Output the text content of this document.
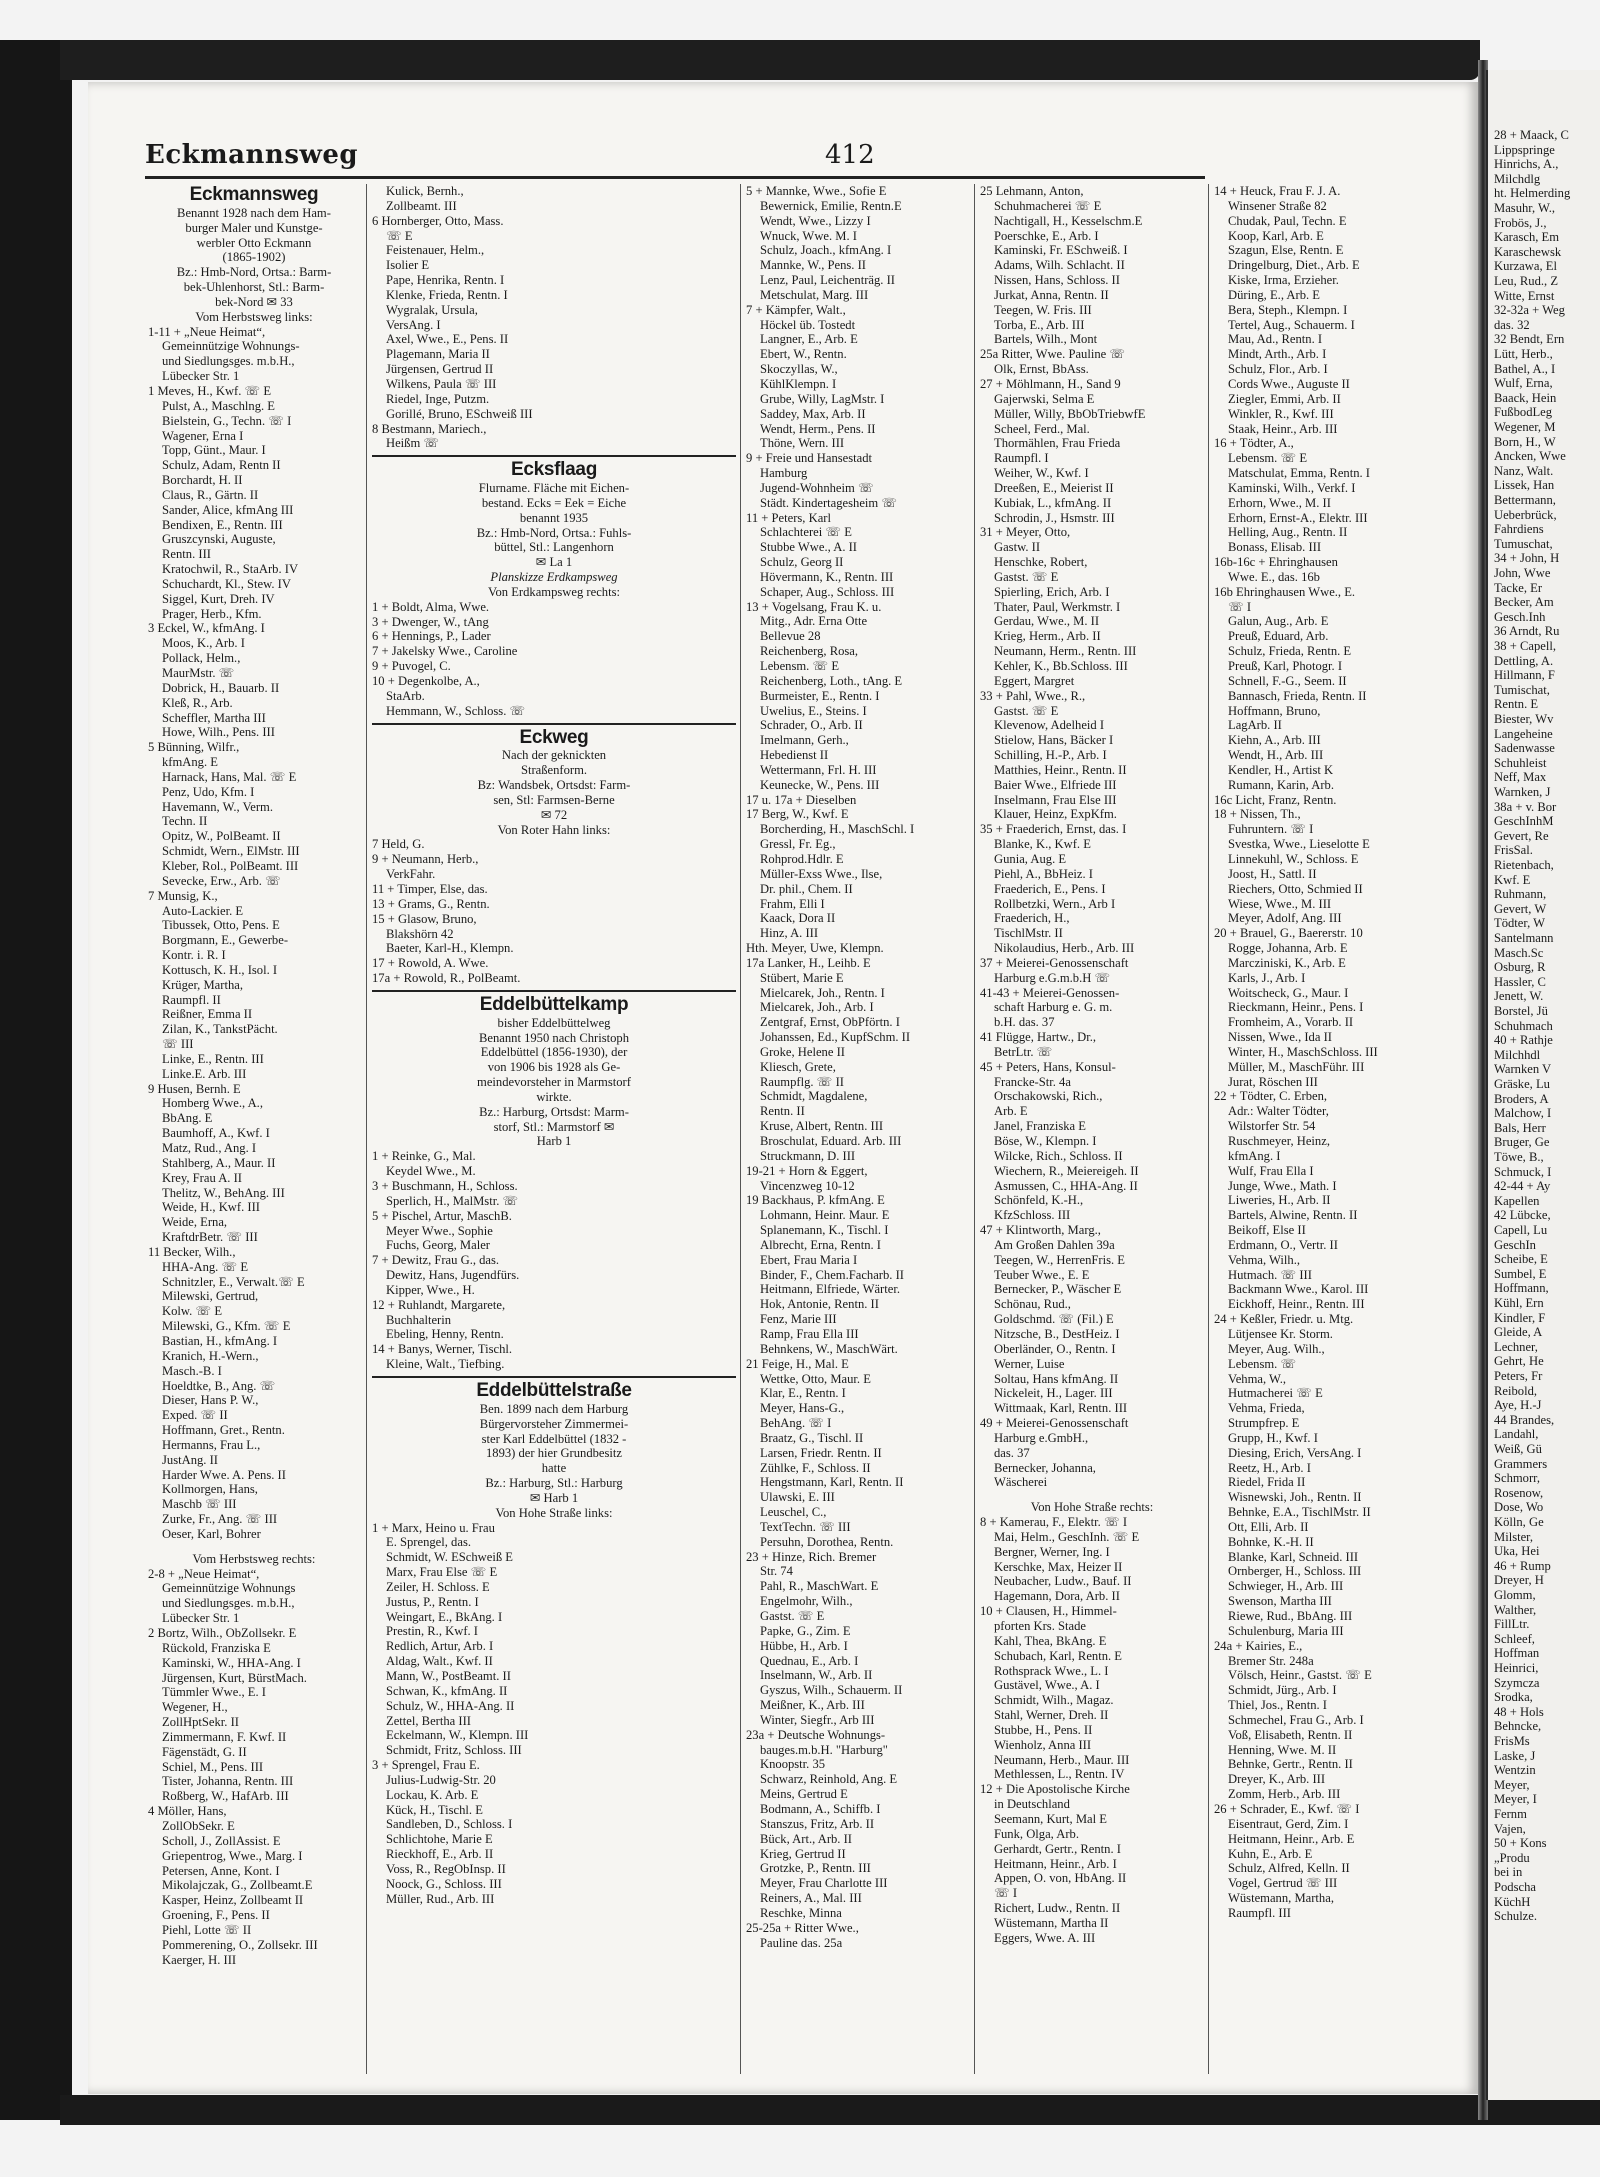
28 + Maack, C
Lippspringe
Hinrichs, A.,
Milchdlg
ht. Helmerding
Masuhr, W.,
Frobös, J.,
Karasch, Em
Karaschewsk
Kurzawa, El
Leu, Rud., Z
Witte, Ernst
32-32a + Weg
das. 32
32 Bendt, Ern
Lütt, Herb.,
Bathel, A., I
Wulf, Erna,
Baack, Hein
FußbodLeg
Wegener, M
Born, H., W
Ancken, Wwe
Nanz, Walt.
Lissek, Han
Bettermann,
Ueberbrück,
Fahrdiens
Tumuschat,
34 + John, H
John, Wwe
Tacke, Er
Becker, Am
Gesch.Inh
36 Arndt, Ru
38 + Capell,
Dettling, A.
Hillmann, F
Tumischat,
Rentn. E
Biester, Wv
Langeheine
Sadenwasse
Schuhleist
Neff, Max
Warnken, J
38a + v. Bor
GeschInhM
Gevert, Re
FrisSal.
Rietenbach,
Kwf. E
Ruhmann,
Gevert, W
Tödter, W
Santelmann
Masch.Sc
Osburg, R
Hassler, C
Jenett, W.
Borstel, Jü
Schuhmach
40 + Rathje
Milchhdl
Warnken V
Gräske, Lu
Broders, A
Malchow, I
Bals, Herr
Bruger, Ge
Töwe, B.,
Schmuck, I
42-44 + Ay
Kapellen
42 Lübcke,
Capell, Lu
GeschIn
Scheibe, E
Sumbel, E
Hoffmann,
Kühl, Ern
Kindler, F
Gleide, A
Lechner,
Gehrt, He
Peters, Fr
Reibold,
Aye, H.-J
44 Brandes,
Landahl,
Weiß, Gü
Grammers
Schmorr,
Rosenow,
Dose, Wo
Kölln, Ge
Milster,
Uka, Hei
46 + Rump
Dreyer, H
Glomm,
Walther,
FillLtr.
Schleef,
Hoffman
Heinrici,
Szymcza
Srodka,
48 + Hols
Behncke,
FrisMs
Laske, J
Wentzin
Meyer,
Meyer, I
Fernm
Vajen,
50 + Kons
„Produ
bei in
Podscha
KüchH
Schulze.
Eckmannsweg	412
Eckmannsweg
Benannt 1928 nach dem Ham-
burger Maler und Kunstge-
werbler Otto Eckmann
(1865-1902)
Bz.: Hmb-Nord, Ortsa.: Barm-
bek-Uhlenhorst, Stl.: Barm-
bek-Nord ✉ 33
Vom Herbstsweg links:
1-11 + „Neue Heimat“,
Gemeinnützige Wohnungs-
und Siedlungsges. m.b.H.,
Lübecker Str. 1
1 Meves, H., Kwf. ☏ E
Pulst, A., Maschlng. E
Bielstein, G., Techn. ☏ I
Wagener, Erna I
Topp, Günt., Maur. I
Schulz, Adam, Rentn II
Borchardt, H. II
Claus, R., Gärtn. II
Sander, Alice, kfmAng III
Bendixen, E., Rentn. III
Gruszcynski, Auguste,
Rentn. III
Kratochwil, R., StaArb. IV
Schuchardt, Kl., Stew. IV
Siggel, Kurt, Dreh. IV
Prager, Herb., Kfm.
3 Eckel, W., kfmAng. I
Moos, K., Arb. I
Pollack, Helm.,
MaurMstr. ☏
Dobrick, H., Bauarb. II
Kleß, R., Arb.
Scheffler, Martha III
Howe, Wilh., Pens. III
5 Bünning, Wilfr.,
kfmAng. E
Harnack, Hans, Mal. ☏ E
Penz, Udo, Kfm. I
Havemann, W., Verm.
Techn. II
Opitz, W., PolBeamt. II
Schmidt, Wern., ElMstr. III
Kleber, Rol., PolBeamt. III
Sevecke, Erw., Arb. ☏
7 Munsig, K.,
Auto-Lackier. E
Tibussek, Otto, Pens. E
Borgmann, E., Gewerbe-
Kontr. i. R. I
Kottusch, K. H., Isol. I
Krüger, Martha,
Raumpfl. II
Reißner, Emma II
Zilan, K., TankstPächt.
☏ III
Linke, E., Rentn. III
Linke.E. Arb. III
9 Husen, Bernh. E
Homberg Wwe., A.,
BbAng. E
Baumhoff, A., Kwf. I
Matz, Rud., Ang. I
Stahlberg, A., Maur. II
Krey, Frau A. II
Thelitz, W., BehAng. III
Weide, H., Kwf. III
Weide, Erna,
KraftdrBetr. ☏ III
11 Becker, Wilh.,
HHA-Ang. ☏ E
Schnitzler, E., Verwalt.☏ E
Milewski, Gertrud,
Kolw. ☏ E
Milewski, G., Kfm. ☏ E
Bastian, H., kfmAng. I
Kranich, H.-Wern.,
Masch.-B. I
Hoeldtke, B., Ang. ☏
Dieser, Hans P. W.,
Exped. ☏ II
Hoffmann, Gret., Rentn.
Hermanns, Frau L.,
JustAng. II
Harder Wwe. A. Pens. II
Kollmorgen, Hans,
Maschb ☏ III
Zurke, Fr., Ang. ☏ III
Oeser, Karl, Bohrer
Vom Herbstsweg rechts:
2-8 + „Neue Heimat“,
Gemeinnützige Wohnungs
und Siedlungsges. m.b.H.,
Lübecker Str. 1
2 Bortz, Wilh., ObZollsekr. E
Rückold, Franziska E
Kaminski, W., HHA-Ang. I
Jürgensen, Kurt, BürstMach.
Tümmler Wwe., E. I
Wegener, H.,
ZollHptSekr. II
Zimmermann, F. Kwf. II
Fägenstädt, G. II
Schiel, M., Pens. III
Tister, Johanna, Rentn. III
Roßberg, W., HafArb. III
4 Möller, Hans,
ZollObSekr. E
Scholl, J., ZollAssist. E
Griepentrog, Wwe., Marg. I
Petersen, Anne, Kont. I
Mikolajczak, G., Zollbeamt.E
Kasper, Heinz, Zollbeamt II
Groening, F., Pens. II
Piehl, Lotte ☏ II
Pommerening, O., Zollsekr. III
Kaerger, H. III
Kulick, Bernh.,
Zollbeamt. III
6 Hornberger, Otto, Mass.
☏ E
Feistenauer, Helm.,
Isolier E
Pape, Henrika, Rentn. I
Klenke, Frieda, Rentn. I
Wygralak, Ursula,
VersAng. I
Axel, Wwe., E., Pens. II
Plagemann, Maria II
Jürgensen, Gertrud II
Wilkens, Paula ☏ III
Riedel, Inge, Putzm.
Gorillé, Bruno, ESchweiß III
8 Bestmann, Mariech.,
Heißm ☏
Ecksflaag
Flurname. Fläche mit Eichen-
bestand. Ecks = Eek = Eiche
benannt 1935
Bz.: Hmb-Nord, Ortsa.: Fuhls-
büttel, Stl.: Langenhorn
✉ La 1
Planskizze Erdkampsweg
Von Erdkampsweg rechts:
1 + Boldt, Alma, Wwe.
3 + Dwenger, W., tAng
6 + Hennings, P., Lader
7 + Jakelsky Wwe., Caroline
9 + Puvogel, C.
10 + Degenkolbe, A.,
StaArb.
Hemmann, W., Schloss. ☏
Eckweg
Nach der geknickten
Straßenform.
Bz: Wandsbek, Ortsdst: Farm-
sen, Stl: Farmsen-Berne
✉ 72
Von Roter Hahn links:
7 Held, G.
9 + Neumann, Herb.,
VerkFahr.
11 + Timper, Else, das.
13 + Grams, G., Rentn.
15 + Glasow, Bruno,
Blakshörn 42
Baeter, Karl-H., Klempn.
17 + Rowold, A. Wwe.
17a + Rowold, R., PolBeamt.
Eddelbüttelkamp
bisher Eddelbüttelweg
Benannt 1950 nach Christoph
Eddelbüttel (1856-1930), der
von 1906 bis 1928 als Ge-
meindevorsteher in Marmstorf
wirkte.
Bz.: Harburg, Ortsdst: Marm-
storf, Stl.: Marmstorf ✉
Harb 1
1 + Reinke, G., Mal.
Keydel Wwe., M.
3 + Buschmann, H., Schloss.
Sperlich, H., MalMstr. ☏
5 + Pischel, Artur, MaschB.
Meyer Wwe., Sophie
Fuchs, Georg, Maler
7 + Dewitz, Frau G., das.
Dewitz, Hans, Jugendfürs.
Kipper, Wwe., H.
12 + Ruhlandt, Margarete,
Buchhalterin
Ebeling, Henny, Rentn.
14 + Banys, Werner, Tischl.
Kleine, Walt., Tiefbing.
Eddelbüttelstraße
Ben. 1899 nach dem Harburg
Bürgervorsteher Zimmermei-
ster Karl Eddelbüttel (1832 -
1893) der hier Grundbesitz
hatte
Bz.: Harburg, Stl.: Harburg
✉ Harb 1
Von Hohe Straße links:
1 + Marx, Heino u. Frau
E. Sprengel, das.
Schmidt, W. ESchweiß E
Marx, Frau Else ☏ E
Zeiler, H. Schloss. E
Justus, P., Rentn. I
Weingart, E., BkAng. I
Prestin, R., Kwf. I
Redlich, Artur, Arb. I
Aldag, Walt., Kwf. II
Mann, W., PostBeamt. II
Schwan, K., kfmAng. II
Schulz, W., HHA-Ang. II
Zettel, Bertha III
Eckelmann, W., Klempn. III
Schmidt, Fritz, Schloss. III
3 + Sprengel, Frau E.
Julius-Ludwig-Str. 20
Lockau, K. Arb. E
Kück, H., Tischl. E
Sandleben, D., Schloss. I
Schlichtohe, Marie E
Rieckhoff, E., Arb. II
Voss, R., RegObInsp. II
Noock, G., Schloss. III
Müller, Rud., Arb. III
5 + Mannke, Wwe., Sofie E
Bewernick, Emilie, Rentn.E
Wendt, Wwe., Lizzy I
Wnuck, Wwe. M. I
Schulz, Joach., kfmAng. I
Mannke, W., Pens. II
Lenz, Paul, Leichenträg. II
Metschulat, Marg. III
7 + Kämpfer, Walt.,
Höckel üb. Tostedt
Langner, E., Arb. E
Ebert, W., Rentn.
Skoczyllas, W.,
KühlKlempn. I
Grube, Willy, LagMstr. I
Saddey, Max, Arb. II
Wendt, Herm., Pens. II
Thöne, Wern. III
9 + Freie und Hansestadt
Hamburg
Jugend-Wohnheim ☏
Städt. Kindertagesheim ☏
11 + Peters, Karl
Schlachterei ☏ E
Stubbe Wwe., A. II
Schulz, Georg II
Hövermann, K., Rentn. III
Schaper, Aug., Schloss. III
13 + Vogelsang, Frau K. u.
Mitg., Adr. Erna Otte
Bellevue 28
Reichenberg, Rosa,
Lebensm. ☏ E
Reichenberg, Loth., tAng. E
Burmeister, E., Rentn. I
Uwelius, E., Steins. I
Schrader, O., Arb. II
Imelmann, Gerh.,
Hebedienst II
Wettermann, Frl. H. III
Keunecke, W., Pens. III
17 u. 17a + Dieselben
17 Berg, W., Kwf. E
Borcherding, H., MaschSchl. I
Gressl, Fr. Eg.,
Rohprod.Hdlr. E
Müller-Exss Wwe., Ilse,
Dr. phil., Chem. II
Frahm, Elli I
Kaack, Dora II
Hinz, A. III
Hth. Meyer, Uwe, Klempn.
17a Lanker, H., Leihb. E
Stübert, Marie E
Mielcarek, Joh., Rentn. I
Mielcarek, Joh., Arb. I
Zentgraf, Ernst, ObPförtn. I
Johanssen, Ed., KupfSchm. II
Groke, Helene II
Kliesch, Grete,
Raumpflg. ☏ II
Schmidt, Magdalene,
Rentn. II
Kruse, Albert, Rentn. III
Broschulat, Eduard. Arb. III
Struckmann, D. III
19-21 + Horn & Eggert,
Vincenzweg 10-12
19 Backhaus, P. kfmAng. E
Lohmann, Heinr. Maur. E
Splanemann, K., Tischl. I
Albrecht, Erna, Rentn. I
Ebert, Frau Maria I
Binder, F., Chem.Facharb. II
Heitmann, Elfriede, Wärter.
Hok, Antonie, Rentn. II
Fenz, Marie III
Ramp, Frau Ella III
Behnkens, W., MaschWärt.
21 Feige, H., Mal. E
Wettke, Otto, Maur. E
Klar, E., Rentn. I
Meyer, Hans-G.,
BehAng. ☏ I
Braatz, G., Tischl. II
Larsen, Friedr. Rentn. II
Zühlke, F., Schloss. II
Hengstmann, Karl, Rentn. II
Ulawski, E. III
Leuschel, C.,
TextTechn. ☏ III
Persuhn, Dorothea, Rentn.
23 + Hinze, Rich. Bremer
Str. 74
Pahl, R., MaschWart. E
Engelmohr, Wilh.,
Gastst. ☏ E
Papke, G., Zim. E
Hübbe, H., Arb. I
Quednau, E., Arb. I
Inselmann, W., Arb. II
Gyszus, Wilh., Schauerm. II
Meißner, K., Arb. III
Winter, Siegfr., Arb III
23a + Deutsche Wohnungs-
bauges.m.b.H. "Harburg"
Knoopstr. 35
Schwarz, Reinhold, Ang. E
Meins, Gertrud E
Bodmann, A., Schiffb. I
Stanszus, Fritz, Arb. II
Bück, Art., Arb. II
Krieg, Gertrud II
Grotzke, P., Rentn. III
Meyer, Frau Charlotte III
Reiners, A., Mal. III
Reschke, Minna
25-25a + Ritter Wwe.,
Pauline das. 25a
25 Lehmann, Anton,
Schuhmacherei ☏ E
Nachtigall, H., Kesselschm.E
Poerschke, E., Arb. I
Kaminski, Fr. ESchweiß. I
Adams, Wilh. Schlacht. II
Nissen, Hans, Schloss. II
Jurkat, Anna, Rentn. II
Teegen, W. Fris. III
Torba, E., Arb. III
Bartels, Wilh., Mont
25a Ritter, Wwe. Pauline ☏
Olk, Ernst, BbAss.
27 + Möhlmann, H., Sand 9
Gajerwski, Selma E
Müller, Willy, BbObTriebwfE
Scheel, Ferd., Mal.
Thormählen, Frau Frieda
Raumpfl. I
Weiher, W., Kwf. I
Dreeßen, E., Meierist II
Kubiak, L., kfmAng. II
Schrodin, J., Hsmstr. III
31 + Meyer, Otto,
Gastw. II
Henschke, Robert,
Gastst. ☏ E
Spierling, Erich, Arb. I
Thater, Paul, Werkmstr. I
Gerdau, Wwe., M. II
Krieg, Herm., Arb. II
Neumann, Herm., Rentn. III
Kehler, K., Bb.Schloss. III
Eggert, Margret
33 + Pahl, Wwe., R.,
Gastst. ☏ E
Klevenow, Adelheid I
Stielow, Hans, Bäcker I
Schilling, H.-P., Arb. I
Matthies, Heinr., Rentn. II
Baier Wwe., Elfriede III
Inselmann, Frau Else III
Klauer, Heinz, ExpKfm.
35 + Fraederich, Ernst, das. I
Blanke, K., Kwf. E
Gunia, Aug. E
Piehl, A., BbHeiz. I
Fraederich, E., Pens. I
Rollbetzki, Wern., Arb I
Fraederich, H.,
TischlMstr. II
Nikolaudius, Herb., Arb. III
37 + Meierei-Genossenschaft
Harburg e.G.m.b.H ☏
41-43 + Meierei-Genossen-
schaft Harburg e. G. m.
b.H. das. 37
41 Flügge, Hartw., Dr.,
BetrLtr. ☏
45 + Peters, Hans, Konsul-
Francke-Str. 4a
Orschakowski, Rich.,
Arb. E
Janel, Franziska E
Böse, W., Klempn. I
Wilcke, Rich., Schloss. II
Wiechern, R., Meiereigeh. II
Asmussen, C., HHA-Ang. II
Schönfeld, K.-H.,
KfzSchloss. III
47 + Klintworth, Marg.,
Am Großen Dahlen 39a
Teegen, W., HerrenFris. E
Teuber Wwe., E. E
Bernecker, P., Wäscher E
Schönau, Rud.,
Goldschmd. ☏ (Fil.) E
Nitzsche, B., DestHeiz. I
Oberländer, O., Rentn. I
Werner, Luise
Soltau, Hans kfmAng. II
Nickeleit, H., Lager. III
Wittmaak, Karl, Rentn. III
49 + Meierei-Genossenschaft
Harburg e.GmbH.,
das. 37
Bernecker, Johanna,
Wäscherei
Von Hohe Straße rechts:
8 + Kamerau, F., Elektr. ☏ I
Mai, Helm., GeschInh. ☏ E
Bergner, Werner, Ing. I
Kerschke, Max, Heizer II
Neubacher, Ludw., Bauf. II
Hagemann, Dora, Arb. II
10 + Clausen, H., Himmel-
pforten Krs. Stade
Kahl, Thea, BkAng. E
Schubach, Karl, Rentn. E
Rothsprack Wwe., L. I
Gustävel, Wwe., A. I
Schmidt, Wilh., Magaz.
Stahl, Werner, Dreh. II
Stubbe, H., Pens. II
Wienholz, Anna III
Neumann, Herb., Maur. III
Methlessen, L., Rentn. IV
12 + Die Apostolische Kirche
in Deutschland
Seemann, Kurt, Mal E
Funk, Olga, Arb.
Gerhardt, Gertr., Rentn. I
Heitmann, Heinr., Arb. I
Appen, O. von, HbAng. II
☏ I
Richert, Ludw., Rentn. II
Wüstemann, Martha II
Eggers, Wwe. A. III
14 + Heuck, Frau F. J. A.
Winsener Straße 82
Chudak, Paul, Techn. E
Koop, Karl, Arb. E
Szagun, Else, Rentn. E
Dringelburg, Diet., Arb. E
Kiske, Irma, Erzieher.
Düring, E., Arb. E
Bera, Steph., Klempn. I
Tertel, Aug., Schauerm. I
Mau, Ad., Rentn. I
Mindt, Arth., Arb. I
Schulz, Flor., Arb. I
Cords Wwe., Auguste II
Ziegler, Emmi, Arb. II
Winkler, R., Kwf. III
Staak, Heinr., Arb. III
16 + Tödter, A.,
Lebensm. ☏ E
Matschulat, Emma, Rentn. I
Kaminski, Wilh., Verkf. I
Erhorn, Wwe., M. II
Erhorn, Ernst-A., Elektr. III
Helling, Aug., Rentn. II
Bonass, Elisab. III
16b-16c + Ehringhausen
Wwe. E., das. 16b
16b Ehringhausen Wwe., E.
☏ I
Galun, Aug., Arb. E
Preuß, Eduard, Arb.
Schulz, Frieda, Rentn. E
Preuß, Karl, Photogr. I
Schnell, F.-G., Seem. II
Bannasch, Frieda, Rentn. II
Hoffmann, Bruno,
LagArb. II
Kiehn, A., Arb. III
Wendt, H., Arb. III
Kendler, H., Artist K
Rumann, Karin, Arb.
16c Licht, Franz, Rentn.
18 + Nissen, Th.,
Fuhruntern. ☏ I
Svestka, Wwe., Lieselotte E
Linnekuhl, W., Schloss. E
Joost, H., Sattl. II
Riechers, Otto, Schmied II
Wiese, Wwe., M. III
Meyer, Adolf, Ang. III
20 + Brauel, G., Baererstr. 10
Rogge, Johanna, Arb. E
Marcziniski, K., Arb. E
Karls, J., Arb. I
Woitscheck, G., Maur. I
Rieckmann, Heinr., Pens. I
Fromheim, A., Vorarb. II
Nissen, Wwe., Ida II
Winter, H., MaschSchloss. III
Müller, M., MaschFühr. III
Jurat, Röschen III
22 + Tödter, C. Erben,
Adr.: Walter Tödter,
Wilstorfer Str. 54
Ruschmeyer, Heinz,
kfmAng. I
Wulf, Frau Ella I
Junge, Wwe., Math. I
Liweries, H., Arb. II
Bartels, Alwine, Rentn. II
Beikoff, Else II
Erdmann, O., Vertr. II
Vehma, Wilh.,
Hutmach. ☏ III
Backmann Wwe., Karol. III
Eickhoff, Heinr., Rentn. III
24 + Keßler, Friedr. u. Mtg.
Lütjensee Kr. Storm.
Meyer, Aug. Wilh.,
Lebensm. ☏
Vehma, W.,
Hutmacherei ☏ E
Vehma, Frieda,
Strumpfrep. E
Grupp, H., Kwf. I
Diesing, Erich, VersAng. I
Reetz, H., Arb. I
Riedel, Frida II
Wisnewski, Joh., Rentn. II
Behnke, E.A., TischlMstr. II
Ott, Elli, Arb. II
Bohnke, K.-H. II
Blanke, Karl, Schneid. III
Ornberger, H., Schloss. III
Schwieger, H., Arb. III
Swenson, Martha III
Riewe, Rud., BbAng. III
Schulenburg, Maria III
24a + Kairies, E.,
Bremer Str. 248a
Völsch, Heinr., Gastst. ☏ E
Schmidt, Jürg., Arb. I
Thiel, Jos., Rentn. I
Schmechel, Frau G., Arb. I
Voß, Elisabeth, Rentn. II
Henning, Wwe. M. II
Behnke, Gertr., Rentn. II
Dreyer, K., Arb. III
Zomm, Herb., Arb. III
26 + Schrader, E., Kwf. ☏ I
Eisentraut, Gerd, Zim. I
Heitmann, Heinr., Arb. E
Kuhn, E., Arb. E
Schulz, Alfred, Kelln. II
Vogel, Gertrud ☏ III
Wüstemann, Martha,
Raumpfl. III
